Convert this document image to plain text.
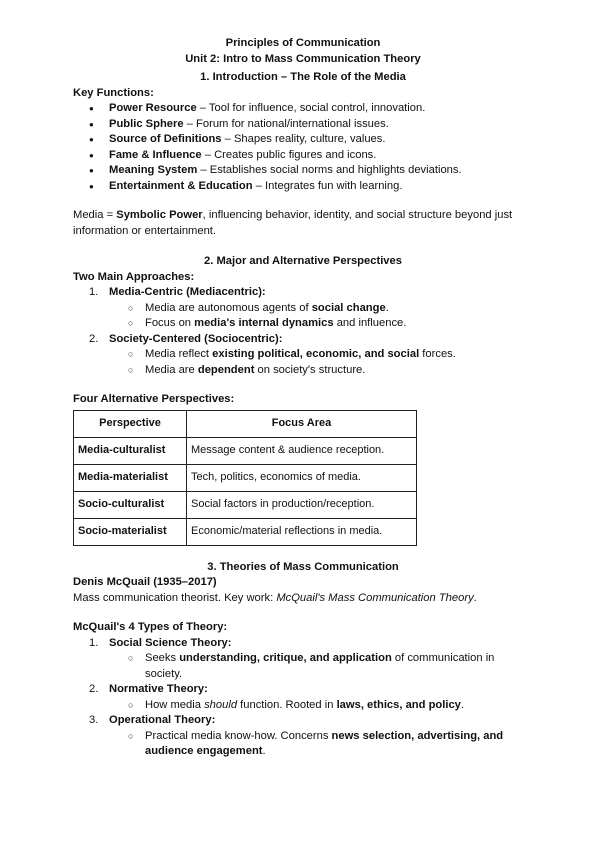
Principles of Communication
Unit 2: Intro to Mass Communication Theory
1. Introduction – The Role of the Media
Key Functions:
● Power Resource – Tool for influence, social control, innovation.
● Public Sphere – Forum for national/international issues.
● Source of Definitions – Shapes reality, culture, values.
● Fame & Influence – Creates public figures and icons.
● Meaning System – Establishes social norms and highlights deviations.
● Entertainment & Education – Integrates fun with learning.

Media = Symbolic Power, influencing behavior, identity, and social structure beyond just information or entertainment.

2. Major and Alternative Perspectives
Two Main Approaches:
1. Media-Centric (Mediacentric):
○ Media are autonomous agents of social change.
○ Focus on media's internal dynamics and influence.
2. Society-Centered (Sociocentric):
○ Media reflect existing political, economic, and social forces.
○ Media are dependent on society's structure.
Four Alternative Perspectives:
Perspective	Focus Area
Media-culturalist	Message content & audience reception.
Media-materialist	Tech, politics, economics of media.
Socio-culturalist	Social factors in production/reception.
Socio-materialist	Economic/material reflections in media.
3. Theories of Mass Communication
Denis McQuail (1935–2017)

Mass communication theorist. Key work: McQuail's Mass Communication Theory.

McQuail's 4 Types of Theory:
1. Social Science Theory:
○ Seeks understanding, critique, and application of communication in society.
2. Normative Theory:
○ How media should function. Rooted in laws, ethics, and policy.
3. Operational Theory:
○ Practical media know-how. Concerns news selection, advertising, and audience engagement.
